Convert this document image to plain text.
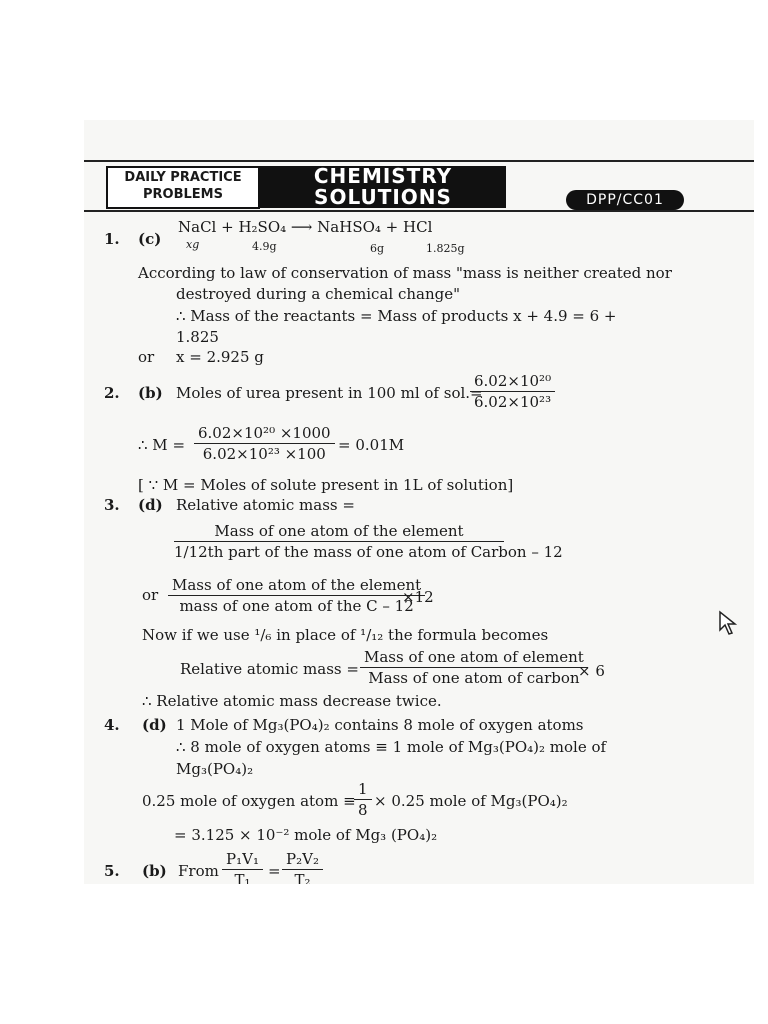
DAILY PRACTICE
PROBLEMS
CHEMISTRY
SOLUTIONS	DPP/CC01
1. (c)
NaCl + H₂SO₄ ⟶ NaHSO₄ + HCl
xg	4.9g	6g	1.825g
According to law of conservation of mass "mass is neither created nor
destroyed during a chemical change"
∴ Mass of the reactants = Mass of products x + 4.9 = 6 +
1.825
or x = 2.925 g
2. (b) Moles of urea present in 100 ml of sol.=
$\frac{\text{6.02×10²⁰}}{\text{6.02×10²³}}$
∴ $M = \frac{\text{6.02×10²⁰ ×1000}}{\text{6.02×10²³ ×100}} = 0.01M$
[ ∵ M = Moles of solute present in 1L of solution]
3. (d) Relative atomic mass =
Mass of one atom of the element
1/12th part of the mass of one atom of Carbon – 12
or
Mass of one atom of the element
mass of one atom of the C – 12
×12
Now if we use ¹/₆ in place of ¹/₁₂ the formula becomes
Relative atomic mass =
Mass of one atom of element
Mass of one atom of carbon
× 6
∴ Relative atomic mass decrease twice.
4. (d) 1 Mole of Mg₃(PO₄)₂ contains 8 mole of oxygen atoms
∴ 8 mole of oxygen atoms ≡ 1 mole of Mg₃(PO₄)₂ mole of
Mg₃(PO₄)₂
0.25 mole of oxygen atom ≡
$\frac{1}{8} \times 0.25$ mole of Mg₃(PO₄)₂
= 3.125 × 10⁻² mole of Mg₃ (PO₄)₂
5. (b) From $\frac{\text{P₁V₁}}{\text{T₁}} = \frac{\text{P₂V₂}}{\text{T₂}}$
